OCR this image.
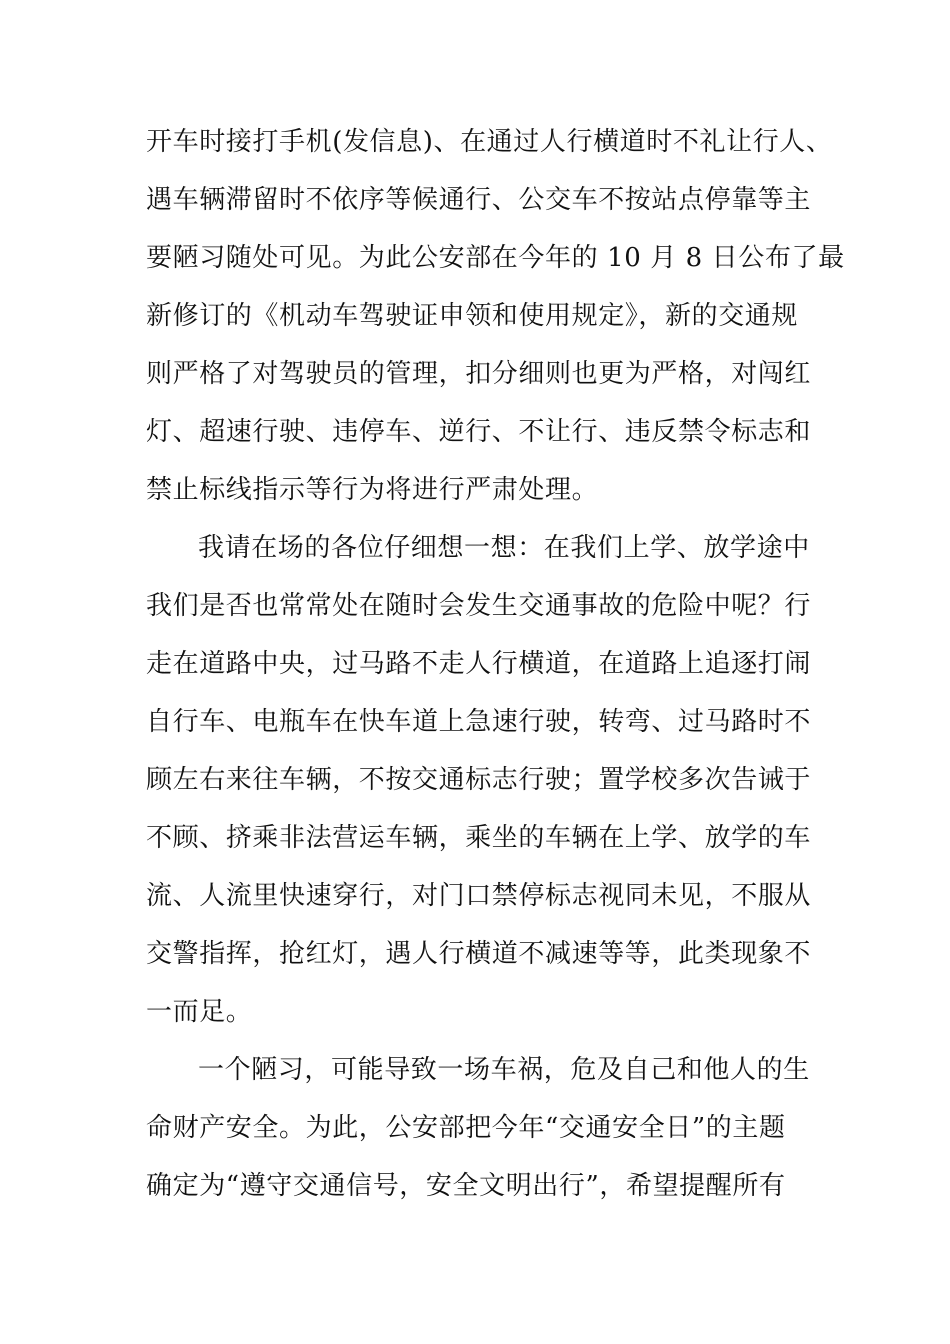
开车时接打手机(发信息)、在通过人行横道时不礼让行人、
遇车辆滞留时不依序等候通行、公交车不按站点停靠等主
要陋习随处可见。为此公安部在今年的 10 月 8 日公布了最
新修订的《机动车驾驶证申领和使用规定》，新的交通规
则严格了对驾驶员的管理，扣分细则也更为严格，对闯红
灯、超速行驶、违停车、逆行、不让行、违反禁令标志和
禁止标线指示等行为将进行严肃处理。
我请在场的各位仔细想一想：在我们上学、放学途中
我们是否也常常处在随时会发生交通事故的危险中呢？行
走在道路中央，过马路不走人行横道，在道路上追逐打闹
自行车、电瓶车在快车道上急速行驶，转弯、过马路时不
顾左右来往车辆，不按交通标志行驶；置学校多次告诫于
不顾、挤乘非法营运车辆，乘坐的车辆在上学、放学的车
流、人流里快速穿行，对门口禁停标志视同未见，不服从
交警指挥，抢红灯，遇人行横道不减速等等，此类现象不
一而足。
一个陋习，可能导致一场车祸，危及自己和他人的生
命财产安全。为此，公安部把今年“交通安全日”的主题
确定为“遵守交通信号，安全文明出行”，希望提醒所有
